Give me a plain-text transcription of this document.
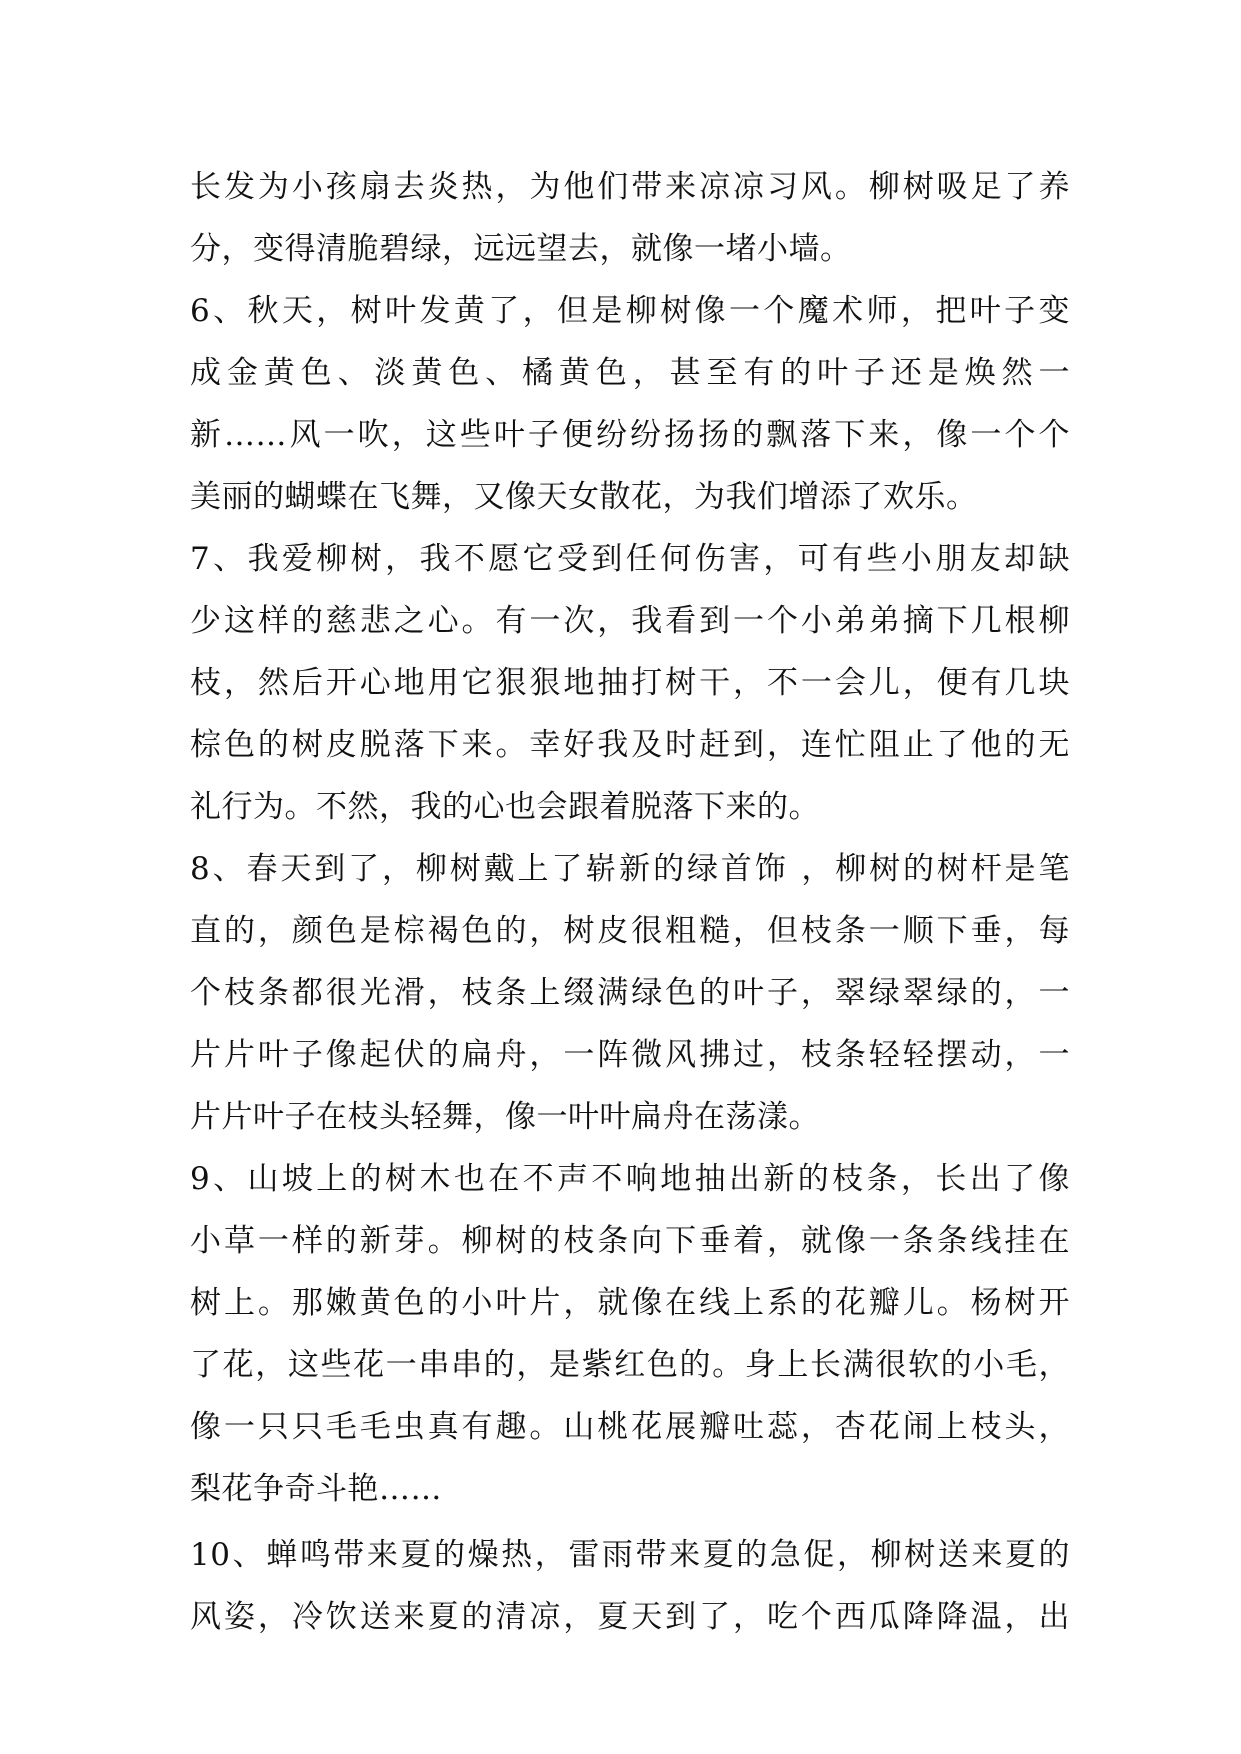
长发为小孩扇去炎热，为他们带来凉凉习风。柳树吸足了养
分，变得清脆碧绿，远远望去，就像一堵小墙。
6、秋天，树叶发黄了，但是柳树像一个魔术师，把叶子变
成金黄色、淡黄色、橘黄色，甚至有的叶子还是焕然一
新……风一吹，这些叶子便纷纷扬扬的飘落下来，像一个个
美丽的蝴蝶在飞舞，又像天女散花，为我们增添了欢乐。
7、我爱柳树，我不愿它受到任何伤害，可有些小朋友却缺
少这样的慈悲之心。有一次，我看到一个小弟弟摘下几根柳
枝，然后开心地用它狠狠地抽打树干，不一会儿，便有几块
棕色的树皮脱落下来。幸好我及时赶到，连忙阻止了他的无
礼行为。不然，我的心也会跟着脱落下来的。
8、春天到了，柳树戴上了崭新的绿首饰 ，柳树的树杆是笔
直的，颜色是棕褐色的，树皮很粗糙，但枝条一顺下垂，每
个枝条都很光滑，枝条上缀满绿色的叶子，翠绿翠绿的，一
片片叶子像起伏的扁舟，一阵微风拂过，枝条轻轻摆动，一
片片叶子在枝头轻舞，像一叶叶扁舟在荡漾。
9、山坡上的树木也在不声不响地抽出新的枝条，长出了像
小草一样的新芽。柳树的枝条向下垂着，就像一条条线挂在
树上。那嫩黄色的小叶片，就像在线上系的花瓣儿。杨树开
了花，这些花一串串的，是紫红色的。身上长满很软的小毛，
像一只只毛毛虫真有趣。山桃花展瓣吐蕊，杏花闹上枝头，
梨花争奇斗艳……
10、蝉鸣带来夏的燥热，雷雨带来夏的急促，柳树送来夏的
风姿，冷饮送来夏的清凉，夏天到了，吃个西瓜降降温，出
